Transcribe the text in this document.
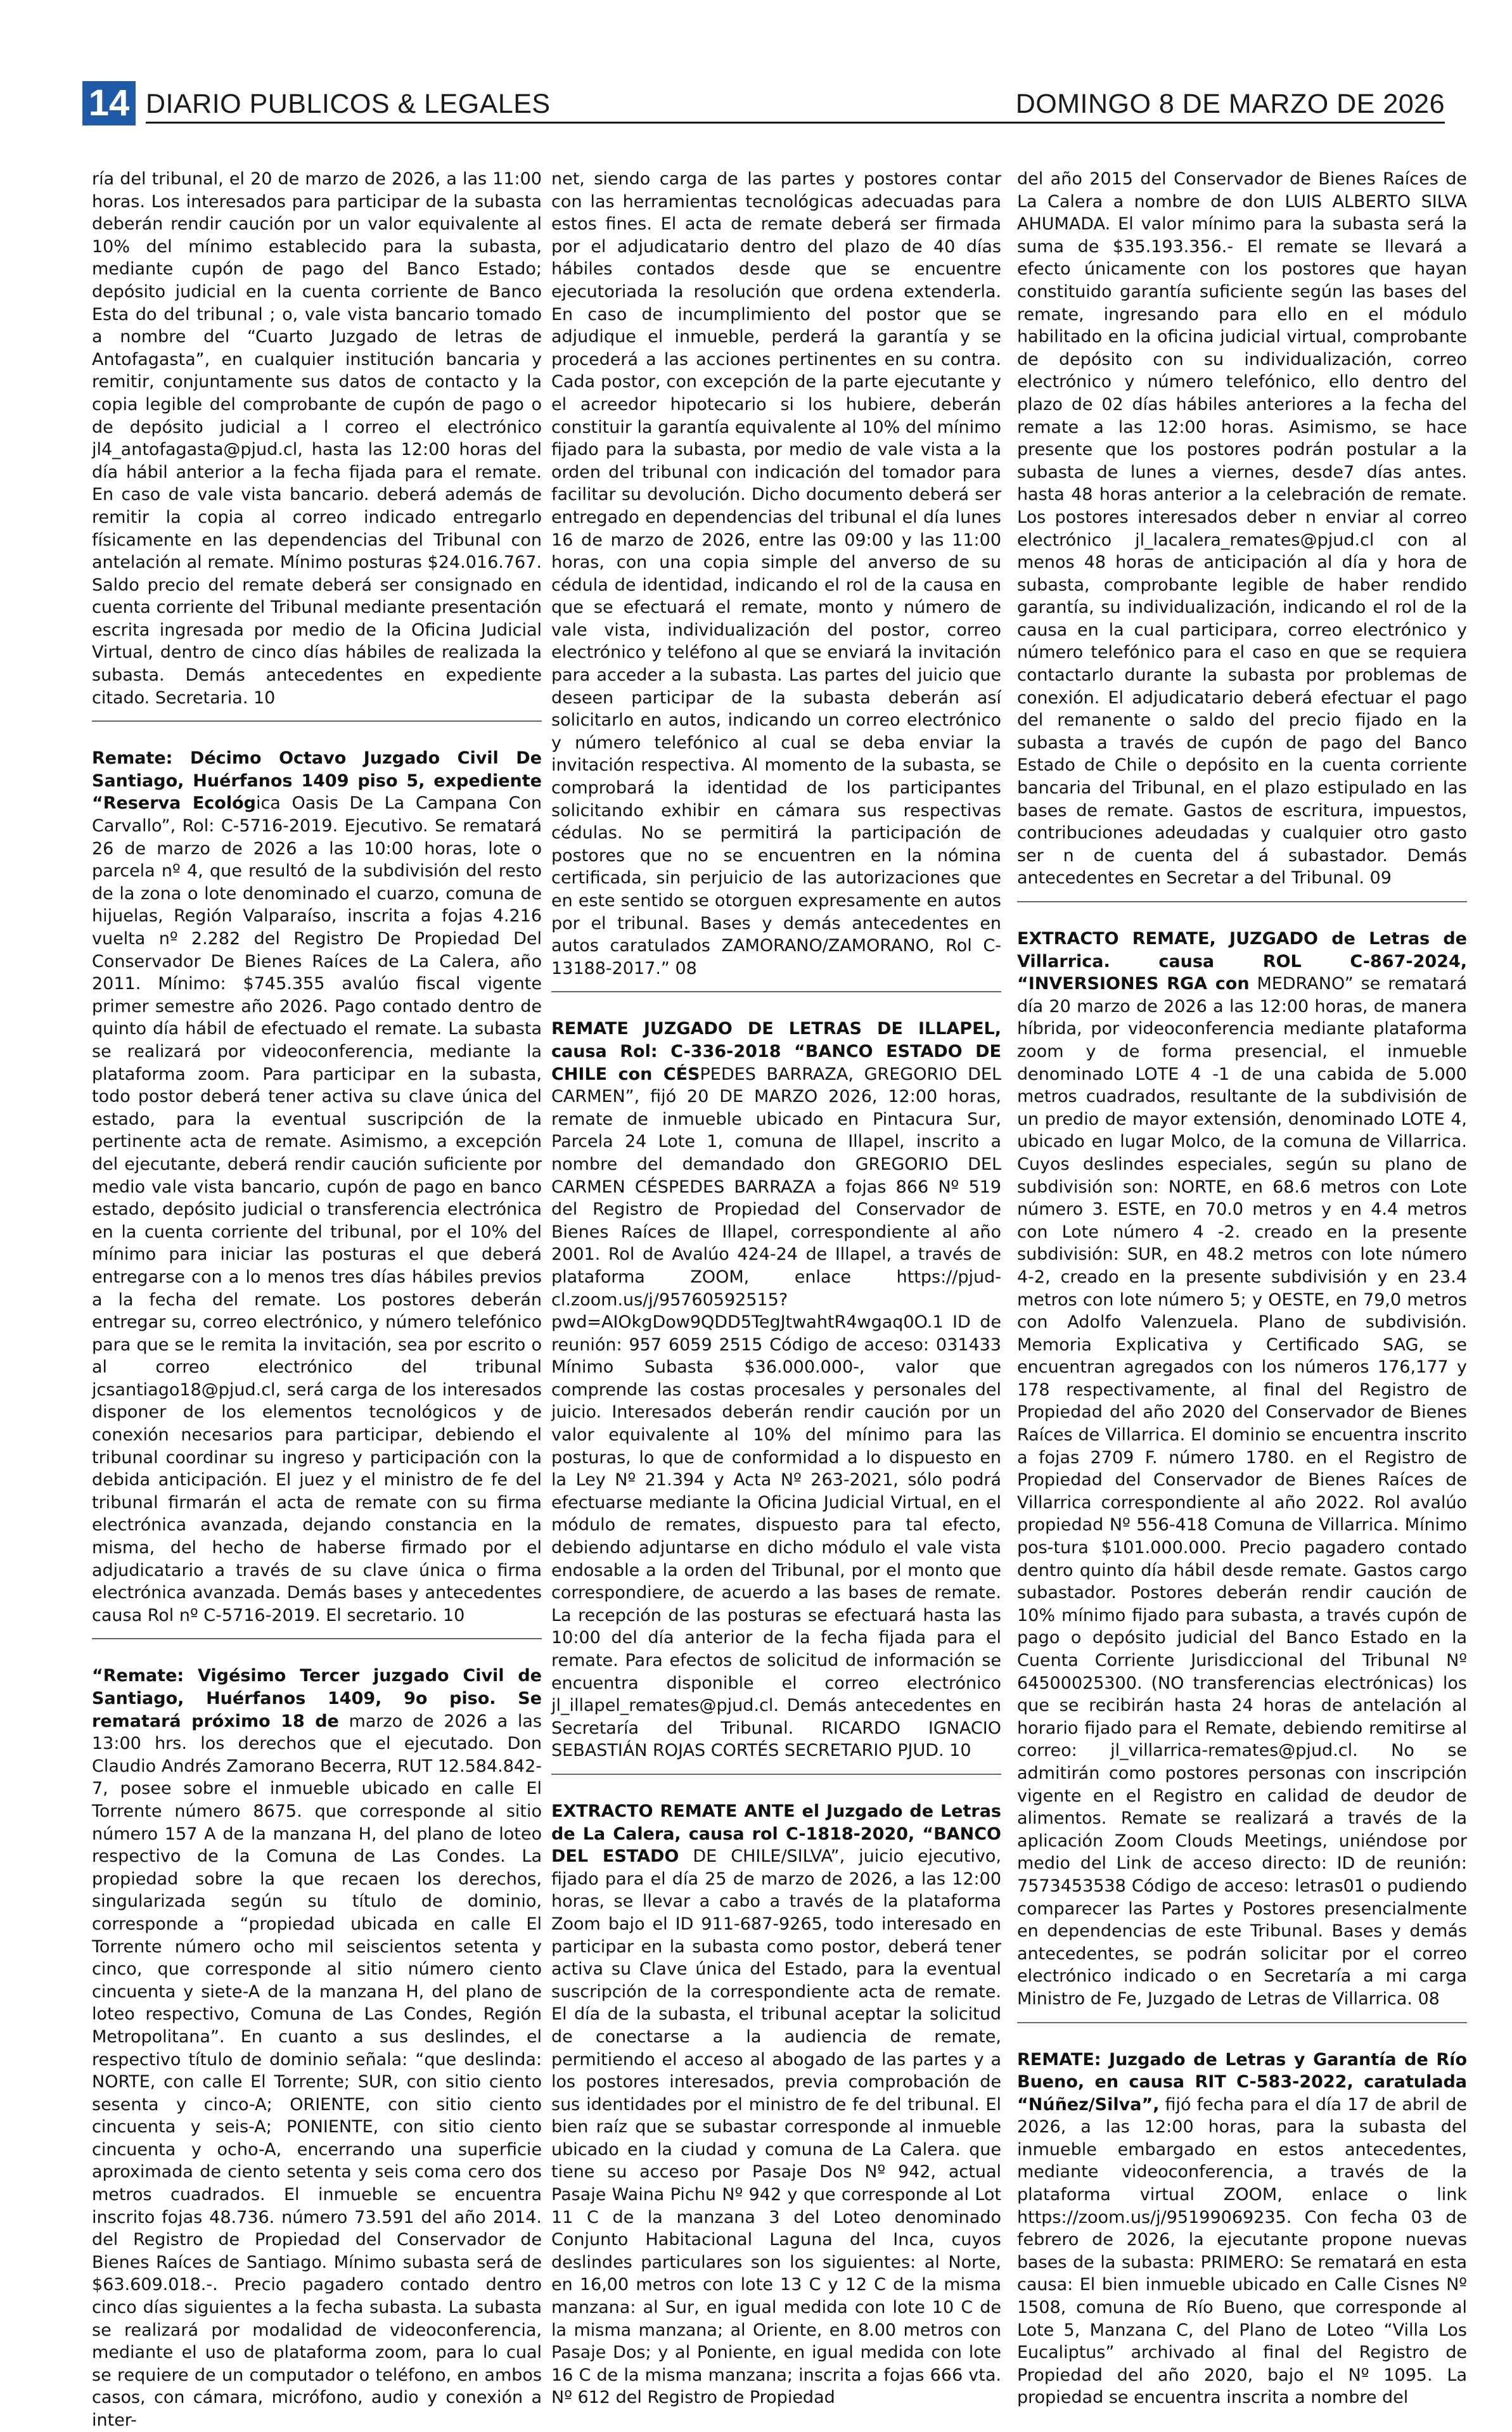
14 DIARIO PUBLICOS & LEGALES	DOMINGO 8 DE MARZO DE 2026

ría del tribunal, el 20 de marzo de 2026, a las 11:00 horas. Los interesados para participar de la subasta deberán rendir caución por un valor equivalente al 10% del mínimo establecido para la subasta, mediante cupón de pago del Banco Estado; depósito judicial en la cuenta corriente de Banco Esta do del tribunal ; o, vale vista bancario tomado a nombre del “Cuarto Juzgado de letras de Antofagasta”, en cualquier institución bancaria y remitir, conjuntamente sus datos de contacto y la copia legible del comprobante de cupón de pago o de depósito judicial a l correo el electrónico jl4_antofagasta@pjud.cl, hasta las 12:00 horas del día hábil anterior a la fecha fijada para el remate. En caso de vale vista bancario. deberá además de remitir la copia al correo indicado entregarlo físicamente en las dependencias del Tribunal con antelación al remate. Mínimo posturas $24.016.767. Saldo precio del remate deberá ser consignado en cuenta corriente del Tribunal mediante presentación escrita ingresada por medio de la Oficina Judicial Virtual, dentro de cinco días hábiles de realizada la subasta. Demás antecedentes en expediente citado. Secretaria. 10

Remate: Décimo Octavo Juzgado Civil De Santiago, Huérfanos 1409 piso 5, expediente “Reserva Ecológica Oasis De La Campana Con Carvallo”, Rol: C-5716-2019. Ejecutivo. Se rematará 26 de marzo de 2026 a las 10:00 horas, lote o parcela nº 4, que resultó de la subdivisión del resto de la zona o lote denominado el cuarzo, comuna de hijuelas, Región Valparaíso, inscrita a fojas 4.216 vuelta nº 2.282 del Registro De Propiedad Del Conservador De Bienes Raíces de La Calera, año 2011. Mínimo: $745.355 avalúo fiscal vigente primer semestre año 2026. Pago contado dentro de quinto día hábil de efectuado el remate. La subasta se realizará por videoconferencia, mediante la plataforma zoom. Para participar en la subasta, todo postor deberá tener activa su clave única del estado, para la eventual suscripción de la pertinente acta de remate. Asimismo, a excepción del ejecutante, deberá rendir caución suficiente por medio vale vista bancario, cupón de pago en banco estado, depósito judicial o transferencia electrónica en la cuenta corriente del tribunal, por el 10% del mínimo para iniciar las posturas el que deberá entregarse con a lo menos tres días hábiles previos a la fecha del remate. Los postores deberán entregar su, correo electrónico, y número telefónico para que se le remita la invitación, sea por escrito o al correo electrónico del tribunal jcsantiago18@pjud.cl, será carga de los interesados disponer de los elementos tecnológicos y de conexión necesarios para participar, debiendo el tribunal coordinar su ingreso y participación con la debida anticipación. El juez y el ministro de fe del tribunal firmarán el acta de remate con su firma electrónica avanzada, dejando constancia en la misma, del hecho de haberse firmado por el adjudicatario a través de su clave única o firma electrónica avanzada. Demás bases y antecedentes causa Rol nº C-5716-2019. El secretario. 10

“Remate: Vigésimo Tercer juzgado Civil de Santiago, Huérfanos 1409, 9o piso. Se rematará próximo 18 de marzo de 2026 a las 13:00 hrs. los derechos que el ejecutado. Don Claudio Andrés Zamorano Becerra, RUT 12.584.842-7, posee sobre el inmueble ubicado en calle El Torrente número 8675. que corresponde al sitio número 157 A de la manzana H, del plano de loteo respectivo de la Comuna de Las Condes. La propiedad sobre la que recaen los derechos, singularizada según su título de dominio, corresponde a “propiedad ubicada en calle El Torrente número ocho mil seiscientos setenta y cinco, que corresponde al sitio número ciento cincuenta y siete-A de la manzana H, del plano de loteo respectivo, Comuna de Las Condes, Región Metropolitana”. En cuanto a sus deslindes, el respectivo título de dominio señala: “que deslinda: NORTE, con calle El Torrente; SUR, con sitio ciento sesenta y cinco-A; ORIENTE, con sitio ciento cincuenta y seis-A; PONIENTE, con sitio ciento cincuenta y ocho-A, encerrando una superficie aproximada de ciento setenta y seis coma cero dos metros cuadrados. El inmueble se encuentra inscrito fojas 48.736. número 73.591 del año 2014. del Registro de Propiedad del Conservador de Bienes Raíces de Santiago. Mínimo subasta será de $63.609.018.-. Precio pagadero contado dentro cinco días siguientes a la fecha subasta. La subasta se realizará por modalidad de videoconferencia, mediante el uso de plataforma zoom, para lo cual se requiere de un computador o teléfono, en ambos casos, con cámara, micrófono, audio y conexión a inter-

net, siendo carga de las partes y postores contar con las herramientas tecnológicas adecuadas para estos fines. El acta de remate deberá ser firmada por el adjudicatario dentro del plazo de 40 días hábiles contados desde que se encuentre ejecutoriada la resolución que ordena extenderla. En caso de incumplimiento del postor que se adjudique el inmueble, perderá la garantía y se procederá a las acciones pertinentes en su contra. Cada postor, con excepción de la parte ejecutante y el acreedor hipotecario si los hubiere, deberán constituir la garantía equivalente al 10% del mínimo fijado para la subasta, por medio de vale vista a la orden del tribunal con indicación del tomador para facilitar su devolución. Dicho documento deberá ser entregado en dependencias del tribunal el día lunes 16 de marzo de 2026, entre las 09:00 y las 11:00 horas, con una copia simple del anverso de su cédula de identidad, indicando el rol de la causa en que se efectuará el remate, monto y número de vale vista, individualización del postor, correo electrónico y teléfono al que se enviará la invitación para acceder a la subasta. Las partes del juicio que deseen participar de la subasta deberán así solicitarlo en autos, indicando un correo electrónico y número telefónico al cual se deba enviar la invitación respectiva. Al momento de la subasta, se comprobará la identidad de los participantes solicitando exhibir en cámara sus respectivas cédulas. No se permitirá la participación de postores que no se encuentren en la nómina certificada, sin perjuicio de las autorizaciones que en este sentido se otorguen expresamente en autos por el tribunal. Bases y demás antecedentes en autos caratulados ZAMORANO/ZAMORANO, Rol C-13188-2017.” 08

REMATE JUZGADO DE LETRAS DE ILLAPEL, causa Rol: C-336-2018 “BANCO ESTADO DE CHILE con CÉSPEDES BARRAZA, GREGORIO DEL CARMEN”, fijó 20 DE MARZO 2026, 12:00 horas, remate de inmueble ubicado en Pintacura Sur, Parcela 24 Lote 1, comuna de Illapel, inscrito a nombre del demandado don GREGORIO DEL CARMEN CÉSPEDES BARRAZA a fojas 866 Nº 519 del Registro de Propiedad del Conservador de Bienes Raíces de Illapel, correspondiente al año 2001. Rol de Avalúo 424-24 de Illapel, a través de plataforma ZOOM, enlace https://pjud-cl.zoom.us/j/95760592515?pwd=AIOkgDow9QDD5TegJtwahtR4wgaq0O.1 ID de reunión: 957 6059 2515 Código de acceso: 031433 Mínimo Subasta $36.000.000-, valor que comprende las costas procesales y personales del juicio. Interesados deberán rendir caución por un valor equivalente al 10% del mínimo para las posturas, lo que de conformidad a lo dispuesto en la Ley Nº 21.394 y Acta Nº 263-2021, sólo podrá efectuarse mediante la Oficina Judicial Virtual, en el módulo de remates, dispuesto para tal efecto, debiendo adjuntarse en dicho módulo el vale vista endosable a la orden del Tribunal, por el monto que correspondiere, de acuerdo a las bases de remate. La recepción de las posturas se efectuará hasta las 10:00 del día anterior de la fecha fijada para el remate. Para efectos de solicitud de información se encuentra disponible el correo electrónico jl_illapel_remates@pjud.cl. Demás antecedentes en Secretaría del Tribunal. RICARDO IGNACIO SEBASTIÁN ROJAS CORTÉS SECRETARIO PJUD. 10

EXTRACTO REMATE ANTE el Juzgado de Letras de La Calera, causa rol C-1818-2020, “BANCO DEL ESTADO DE CHILE/SILVA”, juicio ejecutivo, fijado para el día 25 de marzo de 2026, a las 12:00 horas, se llevar a cabo a través de la plataforma Zoom bajo el ID 911-687-9265, todo interesado en participar en la subasta como postor, deberá tener activa su Clave única del Estado, para la eventual suscripción de la correspondiente acta de remate. El día de la subasta, el tribunal aceptar la solicitud de conectarse a la audiencia de remate, permitiendo el acceso al abogado de las partes y a los postores interesados, previa comprobación de sus identidades por el ministro de fe del tribunal. El bien raíz que se subastar corresponde al inmueble ubicado en la ciudad y comuna de La Calera. que tiene su acceso por Pasaje Dos Nº 942, actual Pasaje Waina Pichu Nº 942 y que corresponde al Lot 11 C de la manzana 3 del Loteo denominado Conjunto Habitacional Laguna del Inca, cuyos deslindes particulares son los siguientes: al Norte, en 16,00 metros con lote 13 C y 12 C de la misma manzana: al Sur, en igual medida con lote 10 C de la misma manzana; al Oriente, en 8.00 metros con Pasaje Dos; y al Poniente, en igual medida con lote 16 C de la misma manzana; inscrita a fojas 666 vta. Nº 612 del Registro de Propiedad

del año 2015 del Conservador de Bienes Raíces de La Calera a nombre de don LUIS ALBERTO SILVA AHUMADA. El valor mínimo para la subasta será la suma de $35.193.356.- El remate se llevará a efecto únicamente con los postores que hayan constituido garantía suficiente según las bases del remate, ingresando para ello en el módulo habilitado en la oficina judicial virtual, comprobante de depósito con su individualización, correo electrónico y número telefónico, ello dentro del plazo de 02 días hábiles anteriores a la fecha del remate a las 12:00 horas. Asimismo, se hace presente que los postores podrán postular a la subasta de lunes a viernes, desde7 días antes. hasta 48 horas anterior a la celebración de remate. Los postores interesados deber n enviar al correo electrónico jl_lacalera_remates@pjud.cl con al menos 48 horas de anticipación al día y hora de subasta, comprobante legible de haber rendido garantía, su individualización, indicando el rol de la causa en la cual participara, correo electrónico y número telefónico para el caso en que se requiera contactarlo durante la subasta por problemas de conexión. El adjudicatario deberá efectuar el pago del remanente o saldo del precio fijado en la subasta a través de cupón de pago del Banco Estado de Chile o depósito en la cuenta corriente bancaria del Tribunal, en el plazo estipulado en las bases de remate. Gastos de escritura, impuestos, contribuciones adeudadas y cualquier otro gasto ser n de cuenta del á subastador. Demás antecedentes en Secretar a del Tribunal. 09

EXTRACTO REMATE, JUZGADO de Letras de Villarrica. causa ROL C-867-2024, “INVERSIONES RGA con MEDRANO” se rematará día 20 marzo de 2026 a las 12:00 horas, de manera híbrida, por videoconferencia mediante plataforma zoom y de forma presencial, el inmueble denominado LOTE 4 -1 de una cabida de 5.000 metros cuadrados, resultante de la subdivisión de un predio de mayor extensión, denominado LOTE 4, ubicado en lugar Molco, de la comuna de Villarrica. Cuyos deslindes especiales, según su plano de subdivisión son: NORTE, en 68.6 metros con Lote número 3. ESTE, en 70.0 metros y en 4.4 metros con Lote número 4 -2. creado en la presente subdivisión: SUR, en 48.2 metros con lote número 4-2, creado en la presente subdivisión y en 23.4 metros con lote número 5; y OESTE, en 79,0 metros con Adolfo Valenzuela. Plano de subdivisión. Memoria Explicativa y Certificado SAG, se encuentran agregados con los números 176,177 y 178 respectivamente, al final del Registro de Propiedad del año 2020 del Conservador de Bienes Raíces de Villarrica. El dominio se encuentra inscrito a fojas 2709 F. número 1780. en el Registro de Propiedad del Conservador de Bienes Raíces de Villarrica correspondiente al año 2022. Rol avalúo propiedad Nº 556-418 Comuna de Villarrica. Mínimo pos-tura $101.000.000. Precio pagadero contado dentro quinto día hábil desde remate. Gastos cargo subastador. Postores deberán rendir caución de 10% mínimo fijado para subasta, a través cupón de pago o depósito judicial del Banco Estado en la Cuenta Corriente Jurisdiccional del Tribunal Nº 64500025300. (NO transferencias electrónicas) los que se recibirán hasta 24 horas de antelación al horario fijado para el Remate, debiendo remitirse al correo: jl_villarrica-remates@pjud.cl. No se admitirán como postores personas con inscripción vigente en el Registro en calidad de deudor de alimentos. Remate se realizará a través de la aplicación Zoom Clouds Meetings, uniéndose por medio del Link de acceso directo: ID de reunión: 7573453538 Código de acceso: letras01 o pudiendo comparecer las Partes y Postores presencialmente en dependencias de este Tribunal. Bases y demás antecedentes, se podrán solicitar por el correo electrónico indicado o en Secretaría a mi carga Ministro de Fe, Juzgado de Letras de Villarrica. 08

REMATE: Juzgado de Letras y Garantía de Río Bueno, en causa RIT C-583-2022, caratulada “Núñez/Silva”, fijó fecha para el día 17 de abril de 2026, a las 12:00 horas, para la subasta del inmueble embargado en estos antecedentes, mediante videoconferencia, a través de la plataforma virtual ZOOM, enlace o link https://zoom.us/j/95199069235. Con fecha 03 de febrero de 2026, la ejecutante propone nuevas bases de la subasta: PRIMERO: Se rematará en esta causa: El bien inmueble ubicado en Calle Cisnes Nº 1508, comuna de Río Bueno, que corresponde al Lote 5, Manzana C, del Plano de Loteo “Villa Los Eucaliptus” archivado al final del Registro de Propiedad del año 2020, bajo el Nº 1095. La propiedad se encuentra inscrita a nombre del
